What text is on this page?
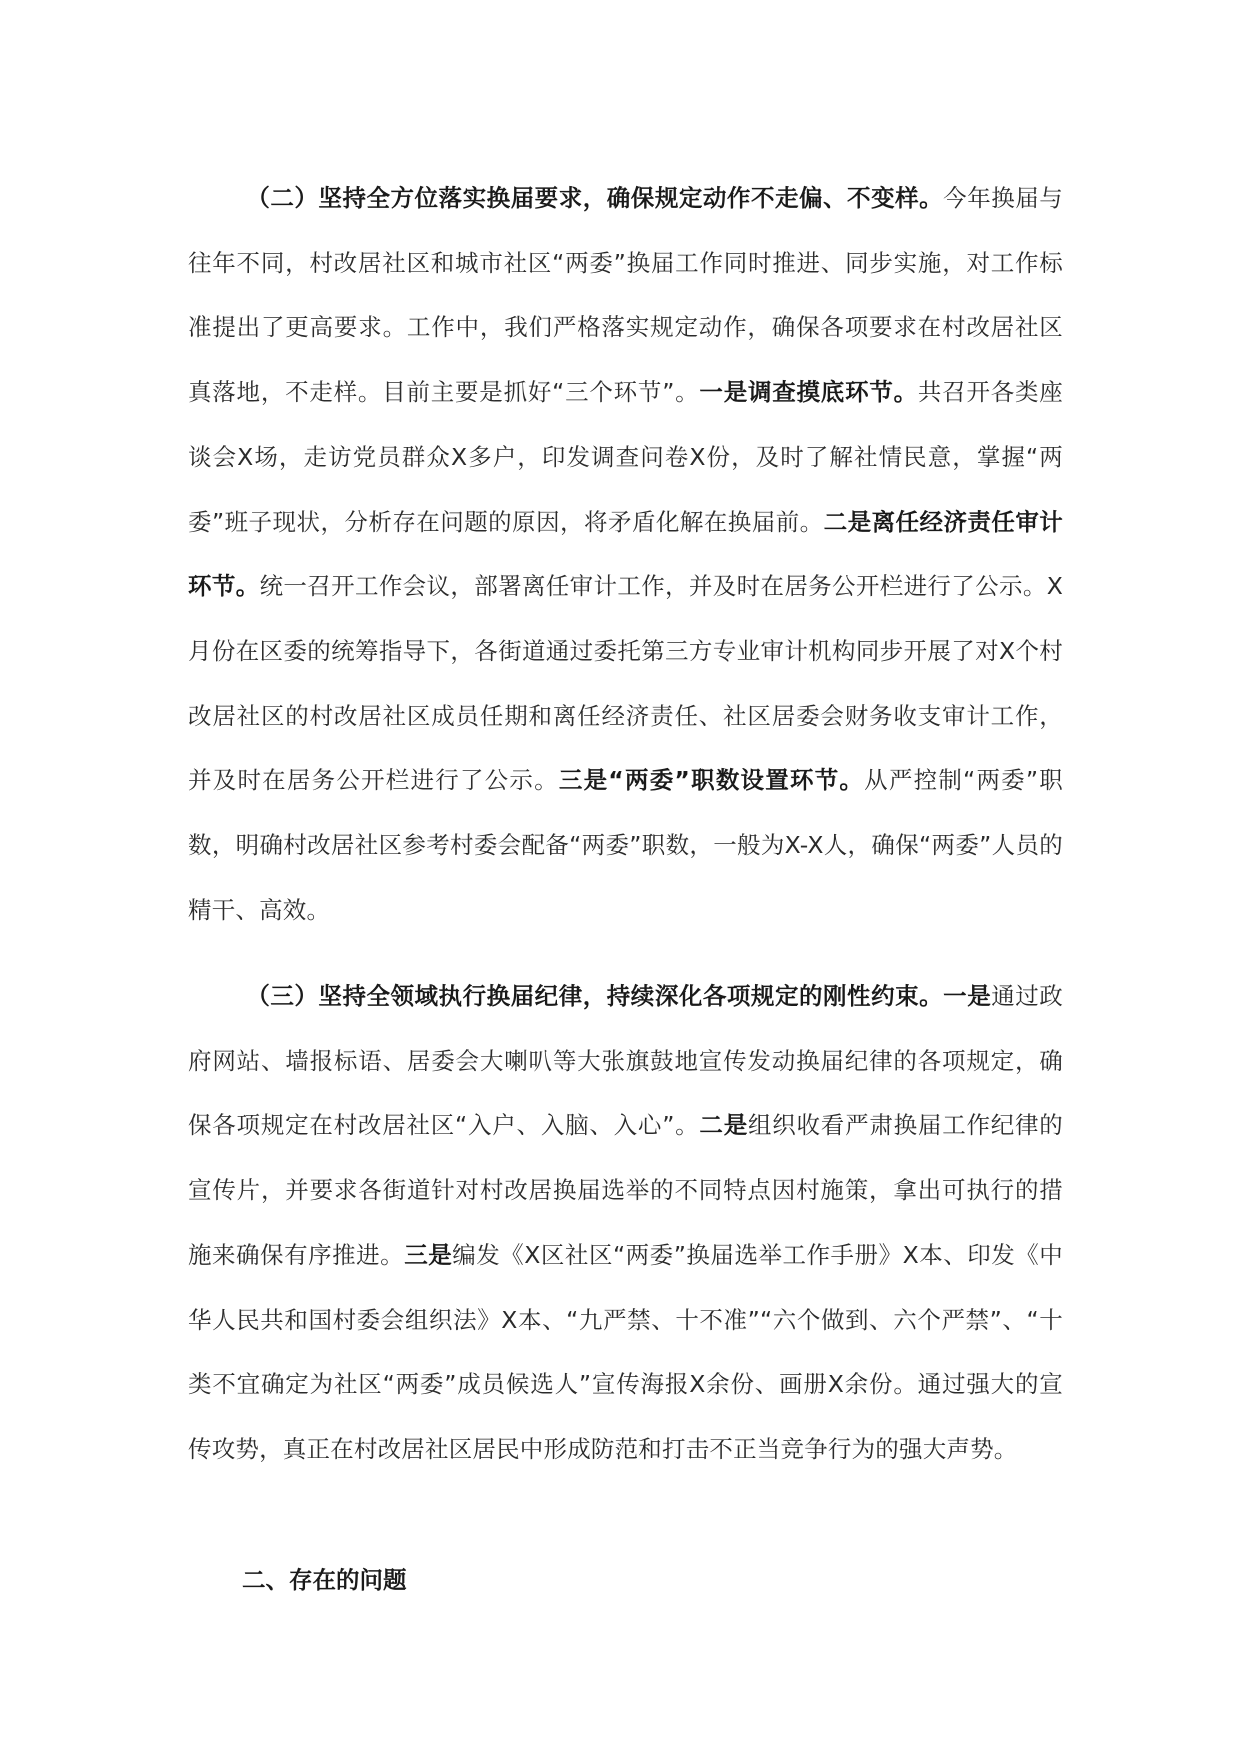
（二）坚持全方位落实换届要求，确保规定动作不走偏、不变样。今年换届与往年不同，村改居社区和城市社区“两委”换届工作同时推进、同步实施，对工作标准提出了更高要求。工作中，我们严格落实规定动作，确保各项要求在村改居社区真落地，不走样。目前主要是抓好“三个环节”。一是调查摸底环节。共召开各类座谈会X场，走访党员群众X多户，印发调查问卷X份，及时了解社情民意，掌握“两委”班子现状，分析存在问题的原因，将矛盾化解在换届前。二是离任经济责任审计环节。统一召开工作会议，部署离任审计工作，并及时在居务公开栏进行了公示。X月份在区委的统筹指导下，各街道通过委托第三方专业审计机构同步开展了对X个村改居社区的村改居社区成员任期和离任经济责任、社区居委会财务收支审计工作，并及时在居务公开栏进行了公示。三是“两委”职数设置环节。从严控制“两委”职数，明确村改居社区参考村委会配备“两委”职数，一般为X-X人，确保“两委”人员的精干、高效。

（三）坚持全领域执行换届纪律，持续深化各项规定的刚性约束。一是通过政府网站、墙报标语、居委会大喇叭等大张旗鼓地宣传发动换届纪律的各项规定，确保各项规定在村改居社区“入户、入脑、入心”。二是组织收看严肃换届工作纪律的宣传片，并要求各街道针对村改居换届选举的不同特点因村施策，拿出可执行的措施来确保有序推进。三是编发《X区社区“两委”换届选举工作手册》X本、印发《中华人民共和国村委会组织法》X本、“九严禁、十不准”“六个做到、六个严禁”、“十类不宜确定为社区“两委”成员候选人”宣传海报X余份、画册X余份。通过强大的宣传攻势，真正在村改居社区居民中形成防范和打击不正当竞争行为的强大声势。

二、存在的问题
